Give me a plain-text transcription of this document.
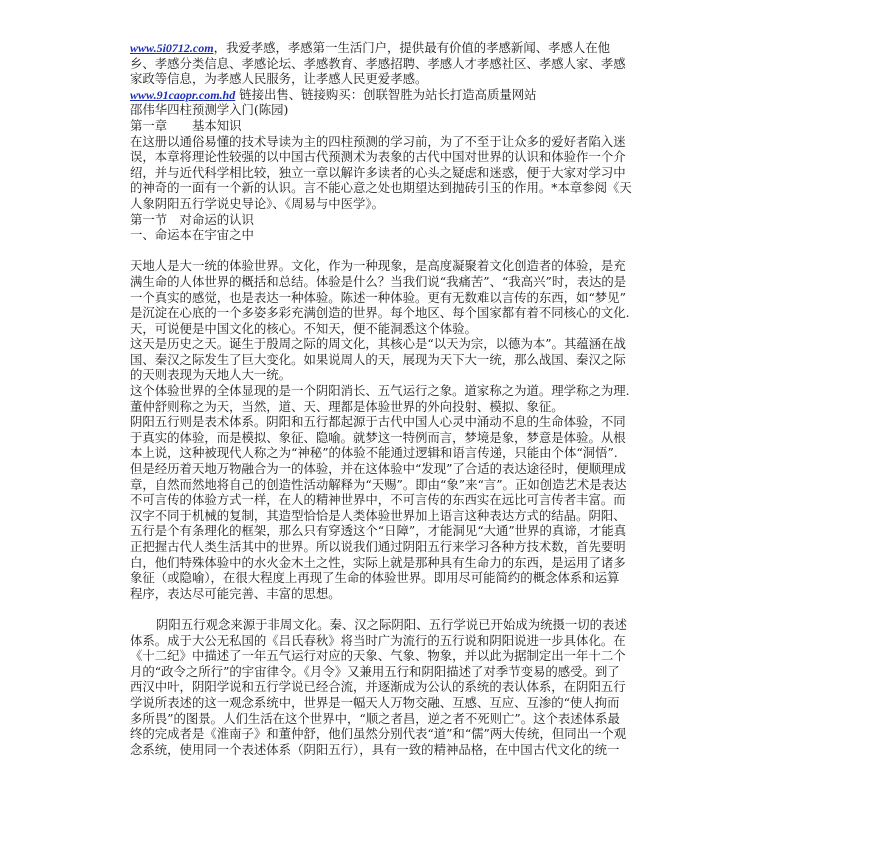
www.5i0712.com，我爱孝感，孝感第一生活门户，提供最有价值的孝感新闻、孝感人在他
乡、孝感分类信息、孝感论坛、孝感教育、孝感招聘、孝感人才孝感社区、孝感人家、孝感
家政等信息，为孝感人民服务，让孝感人民更爱孝感。
www.91caopr.com.hd 链接出售、链接购买：创联智胜为站长打造高质量网站
邵伟华四柱预测学入门(陈园)
第一章　　基本知识
在这册以通俗易懂的技术导读为主的四柱预测的学习前，为了不至于让众多的爱好者陷入迷
误，本章将理论性较强的以中国古代预测术为表象的古代中国对世界的认识和体验作一个介
绍，并与近代科学相比较，独立一章以解许多读者的心头之疑虑和迷惑，便于大家对学习中
的神奇的一面有一个新的认识。言不能心意之处也期望达到抛砖引玉的作用。*本章参阅《天
人象阴阳五行学说史导论》、《周易与中医学》。
第一节　对命运的认识
一、命运本在宇宙之中
天地人是大一统的体验世界。文化，作为一种现象，是高度凝聚着文化创造者的体验，是充
满生命的人体世界的概括和总结。体验是什么？当我们说“我痛苦”、“我高兴”时，表达的是
一个真实的感觉，也是表达一种体验。陈述一种体验。更有无数难以言传的东西，如“梦见”
是沉淀在心底的一个多姿多彩充满创造的世界。每个地区、每个国家都有着不同核心的文化.
天，可说便是中国文化的核心。不知天，便不能洞悉这个体验。
这天是历史之天。诞生于殷周之际的周文化，其核心是“以天为宗，以德为本”。其蕴涵在战
国、秦汉之际发生了巨大变化。如果说周人的天，展现为天下大一统，那么战国、秦汉之际
的天则表现为天地人大一统。
这个体验世界的全体显现的是一个阴阳消长、五气运行之象。道家称之为道。理学称之为理.
董仲舒则称之为天，当然，道、天、理都是体验世界的外向投射、模拟、象征。
阴阳五行则是表术体系。阴阳和五行都起源于古代中国人心灵中涌动不息的生命体验，不同
于真实的体验，而是模拟、象征、隐喻。就梦这一特例而言，梦境是象，梦意是体验。从根
本上说，这种被现代人称之为“神秘”的体验不能通过逻辑和语言传递，只能由个体“洞悟”.
但是经历着天地万物融合为一的体验，并在这体验中“发现”了合适的表达途径时，便顺理成
章，自然而然地将自己的创造性活动解释为“天赐”。即由“象”来“言”。正如创造艺术是表达
不可言传的体验方式一样，在人的精神世界中，不可言传的东西实在远比可言传者丰富。而
汉字不同于机械的复制，其造型恰恰是人类体验世界加上语言这种表达方式的结晶。阴阳、
五行是个有条理化的框架，那么只有穿透这个“日障”，才能洞见“大通”世界的真谛，才能真
正把握古代人类生活其中的世界。所以说我们通过阴阳五行来学习各种方技术数，首先要明
白，他们特殊体验中的水火金木土之性，实际上就是那种具有生命力的东西，是运用了诸多
象征（或隐喻），在很大程度上再现了生命的体验世界。即用尽可能简约的概念体系和运算
程序，表达尽可能完善、丰富的思想。
阴阳五行观念来源于非周文化。秦、汉之际阴阳、五行学说已开始成为统摄一切的表述
体系。成于大公无私国的《吕氏春秋》将当时广为流行的五行说和阴阳说进一步具体化。在
《十二纪》中描述了一年五气运行对应的天象、气象、物象，并以此为据制定出一年十二个
月的“政令之所行”的宇宙律令。《月令》又兼用五行和阴阳描述了对季节变易的感受。到了
西汉中叶，阴阳学说和五行学说已经合流，并逐渐成为公认的系统的表认体系，在阴阳五行
学说所表述的这一观念系统中，世界是一幅天人万物交融、互感、互应、互渗的“使人拘而
多所畏”的图景。人们生活在这个世界中，“顺之者昌，逆之者不死则亡”。这个表述体系最
终的完成者是《淮南子》和董仲舒，他们虽然分别代表“道”和“儒”两大传统，但同出一个观
念系统，使用同一个表述体系（阴阳五行），具有一致的精神品格，在中国古代文化的统一
